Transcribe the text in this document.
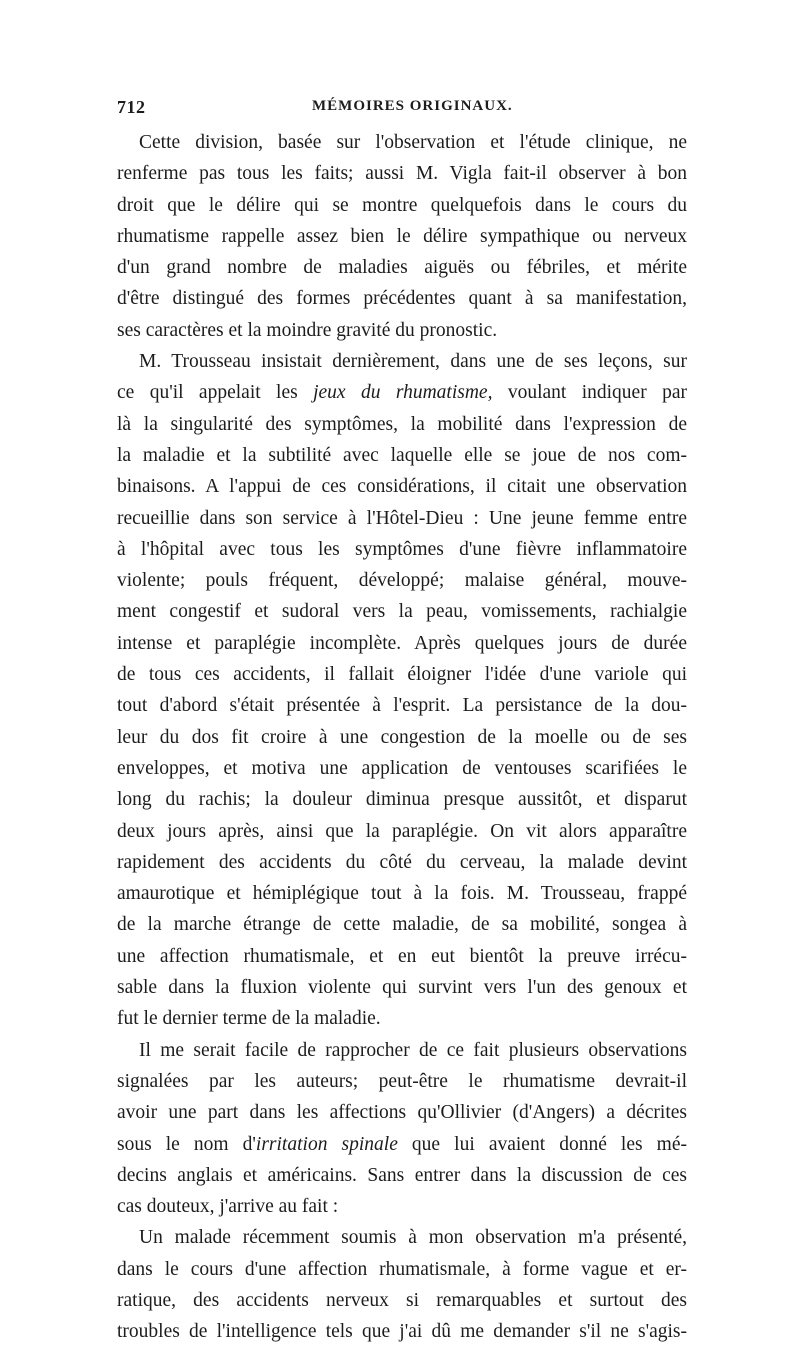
712	MÉMOIRES ORIGINAUX.
Cette division, basée sur l'observation et l'étude clinique, ne
renferme pas tous les faits; aussi M. Vigla fait-il observer à bon
droit que le délire qui se montre quelquefois dans le cours du
rhumatisme rappelle assez bien le délire sympathique ou nerveux
d'un grand nombre de maladies aiguës ou fébriles, et mérite
d'être distingué des formes précédentes quant à sa manifestation,
ses caractères et la moindre gravité du pronostic.
M. Trousseau insistait dernièrement, dans une de ses leçons, sur
ce qu'il appelait les jeux du rhumatisme, voulant indiquer par
là la singularité des symptômes, la mobilité dans l'expression de
la maladie et la subtilité avec laquelle elle se joue de nos com-
binaisons. A l'appui de ces considérations, il citait une observation
recueillie dans son service à l'Hôtel-Dieu : Une jeune femme entre
à l'hôpital avec tous les symptômes d'une fièvre inflammatoire
violente; pouls fréquent, développé; malaise général, mouve-
ment congestif et sudoral vers la peau, vomissements, rachialgie
intense et paraplégie incomplète. Après quelques jours de durée
de tous ces accidents, il fallait éloigner l'idée d'une variole qui
tout d'abord s'était présentée à l'esprit. La persistance de la dou-
leur du dos fit croire à une congestion de la moelle ou de ses
enveloppes, et motiva une application de ventouses scarifiées le
long du rachis; la douleur diminua presque aussitôt, et disparut
deux jours après, ainsi que la paraplégie. On vit alors apparaître
rapidement des accidents du côté du cerveau, la malade devint
amaurotique et hémiplégique tout à la fois. M. Trousseau, frappé
de la marche étrange de cette maladie, de sa mobilité, songea à
une affection rhumatismale, et en eut bientôt la preuve irrécu-
sable dans la fluxion violente qui survint vers l'un des genoux et
fut le dernier terme de la maladie.
Il me serait facile de rapprocher de ce fait plusieurs observations
signalées par les auteurs; peut-être le rhumatisme devrait-il
avoir une part dans les affections qu'Ollivier (d'Angers) a décrites
sous le nom d'irritation spinale que lui avaient donné les mé-
decins anglais et américains. Sans entrer dans la discussion de ces
cas douteux, j'arrive au fait :
Un malade récemment soumis à mon observation m'a présenté,
dans le cours d'une affection rhumatismale, à forme vague et er-
ratique, des accidents nerveux si remarquables et surtout des
troubles de l'intelligence tels que j'ai dû me demander s'il ne s'agis-
